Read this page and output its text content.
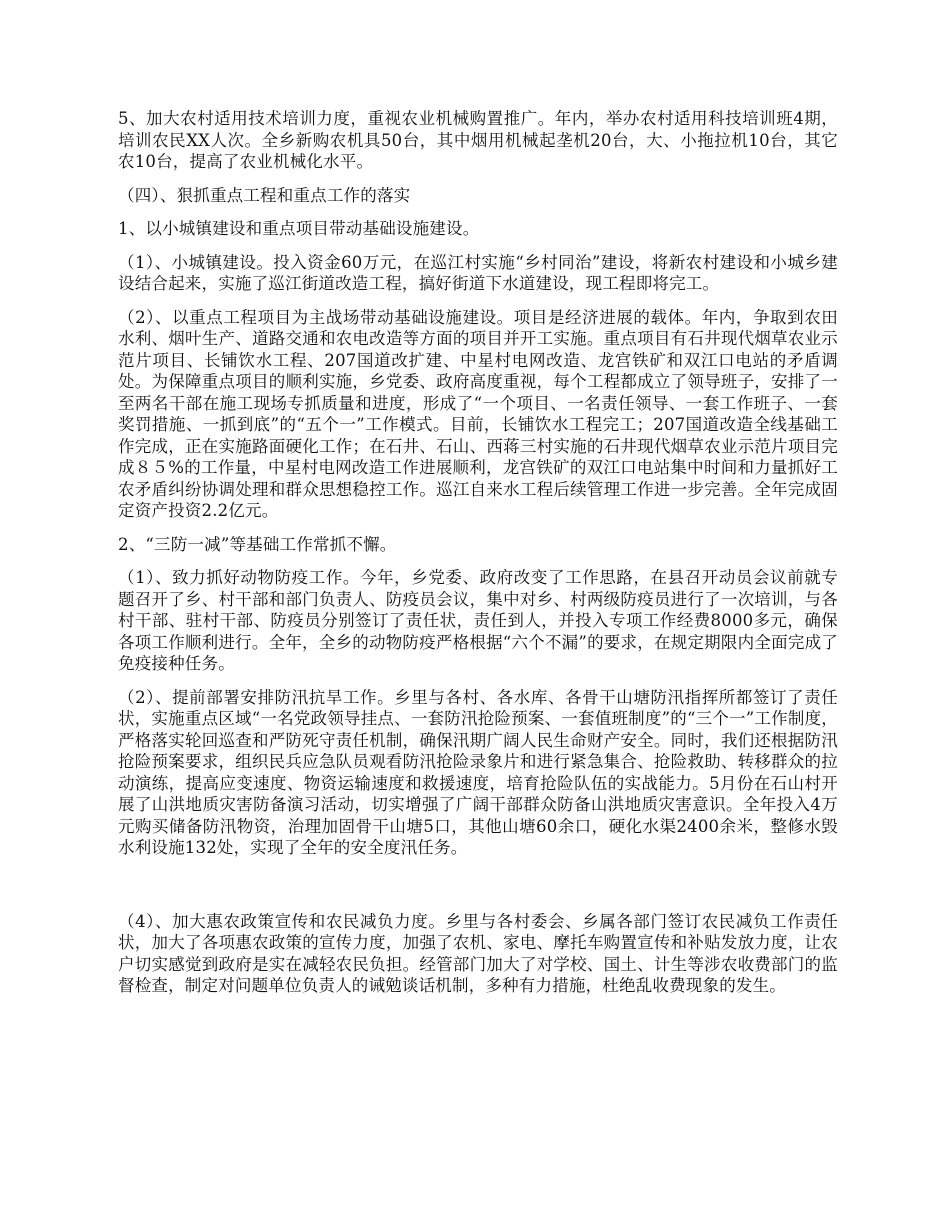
5、加大农村适用技术培训力度，重视农业机械购置推广。年内，举办农村适用科技培训班4期，培训农民XX人次。全乡新购农机具50台，其中烟用机械起垄机20台，大、小拖拉机10台，其它农10台，提高了农业机械化水平。

（四）、狠抓重点工程和重点工作的落实

1、以小城镇建设和重点项目带动基础设施建设。

（1）、小城镇建设。投入资金60万元，在巡江村实施“乡村同治”建设，将新农村建设和小城乡建设结合起来，实施了巡江街道改造工程，搞好街道下水道建设，现工程即将完工。

（2）、以重点工程项目为主战场带动基础设施建设。项目是经济进展的载体。年内，争取到农田水利、烟叶生产、道路交通和农电改造等方面的项目并开工实施。重点项目有石井现代烟草农业示范片项目、长铺饮水工程、207国道改扩建、中星村电网改造、龙宫铁矿和双江口电站的矛盾调处。为保障重点项目的顺利实施，乡党委、政府高度重视，每个工程都成立了领导班子，安排了一至两名干部在施工现场专抓质量和进度，形成了“一个项目、一名责任领导、一套工作班子、一套奖罚措施、一抓到底”的“五个一”工作模式。目前，长铺饮水工程完工；207国道改造全线基础工作完成，正在实施路面硬化工作；在石井、石山、西蒋三村实施的石井现代烟草农业示范片项目完成８５%的工作量，中星村电网改造工作进展顺利，龙宫铁矿的双江口电站集中时间和力量抓好工农矛盾纠纷协调处理和群众思想稳控工作。巡江自来水工程后续管理工作进一步完善。全年完成固定资产投资2.2亿元。

2、“三防一减”等基础工作常抓不懈。

（1）、致力抓好动物防疫工作。今年，乡党委、政府改变了工作思路，在县召开动员会议前就专题召开了乡、村干部和部门负责人、防疫员会议，集中对乡、村两级防疫员进行了一次培训，与各村干部、驻村干部、防疫员分别签订了责任状，责任到人，并投入专项工作经费8000多元，确保各项工作顺利进行。全年，全乡的动物防疫严格根据“六个不漏”的要求，在规定期限内全面完成了免疫接种任务。

（2）、提前部署安排防汛抗旱工作。乡里与各村、各水库、各骨干山塘防汛指挥所都签订了责任状，实施重点区域“一名党政领导挂点、一套防汛抢险预案、一套值班制度”的“三个一”工作制度，严格落实轮回巡查和严防死守责任机制，确保汛期广阔人民生命财产安全。同时，我们还根据防汛抢险预案要求，组织民兵应急队员观看防汛抢险录象片和进行紧急集合、抢险救助、转移群众的拉动演练，提高应变速度、物资运输速度和救援速度，培育抢险队伍的实战能力。5月份在石山村开展了山洪地质灾害防备演习活动，切实增强了广阔干部群众防备山洪地质灾害意识。全年投入4万元购买储备防汛物资，治理加固骨干山塘5口，其他山塘60余口，硬化水渠2400余米，整修水毁水利设施132处，实现了全年的安全度汛任务。

（4）、加大惠农政策宣传和农民减负力度。乡里与各村委会、乡属各部门签订农民减负工作责任状，加大了各项惠农政策的宣传力度，加强了农机、家电、摩托车购置宣传和补贴发放力度，让农户切实感觉到政府是实在减轻农民负担。经管部门加大了对学校、国土、计生等涉农收费部门的监督检查，制定对问题单位负责人的诫勉谈话机制，多种有力措施，杜绝乱收费现象的发生。
